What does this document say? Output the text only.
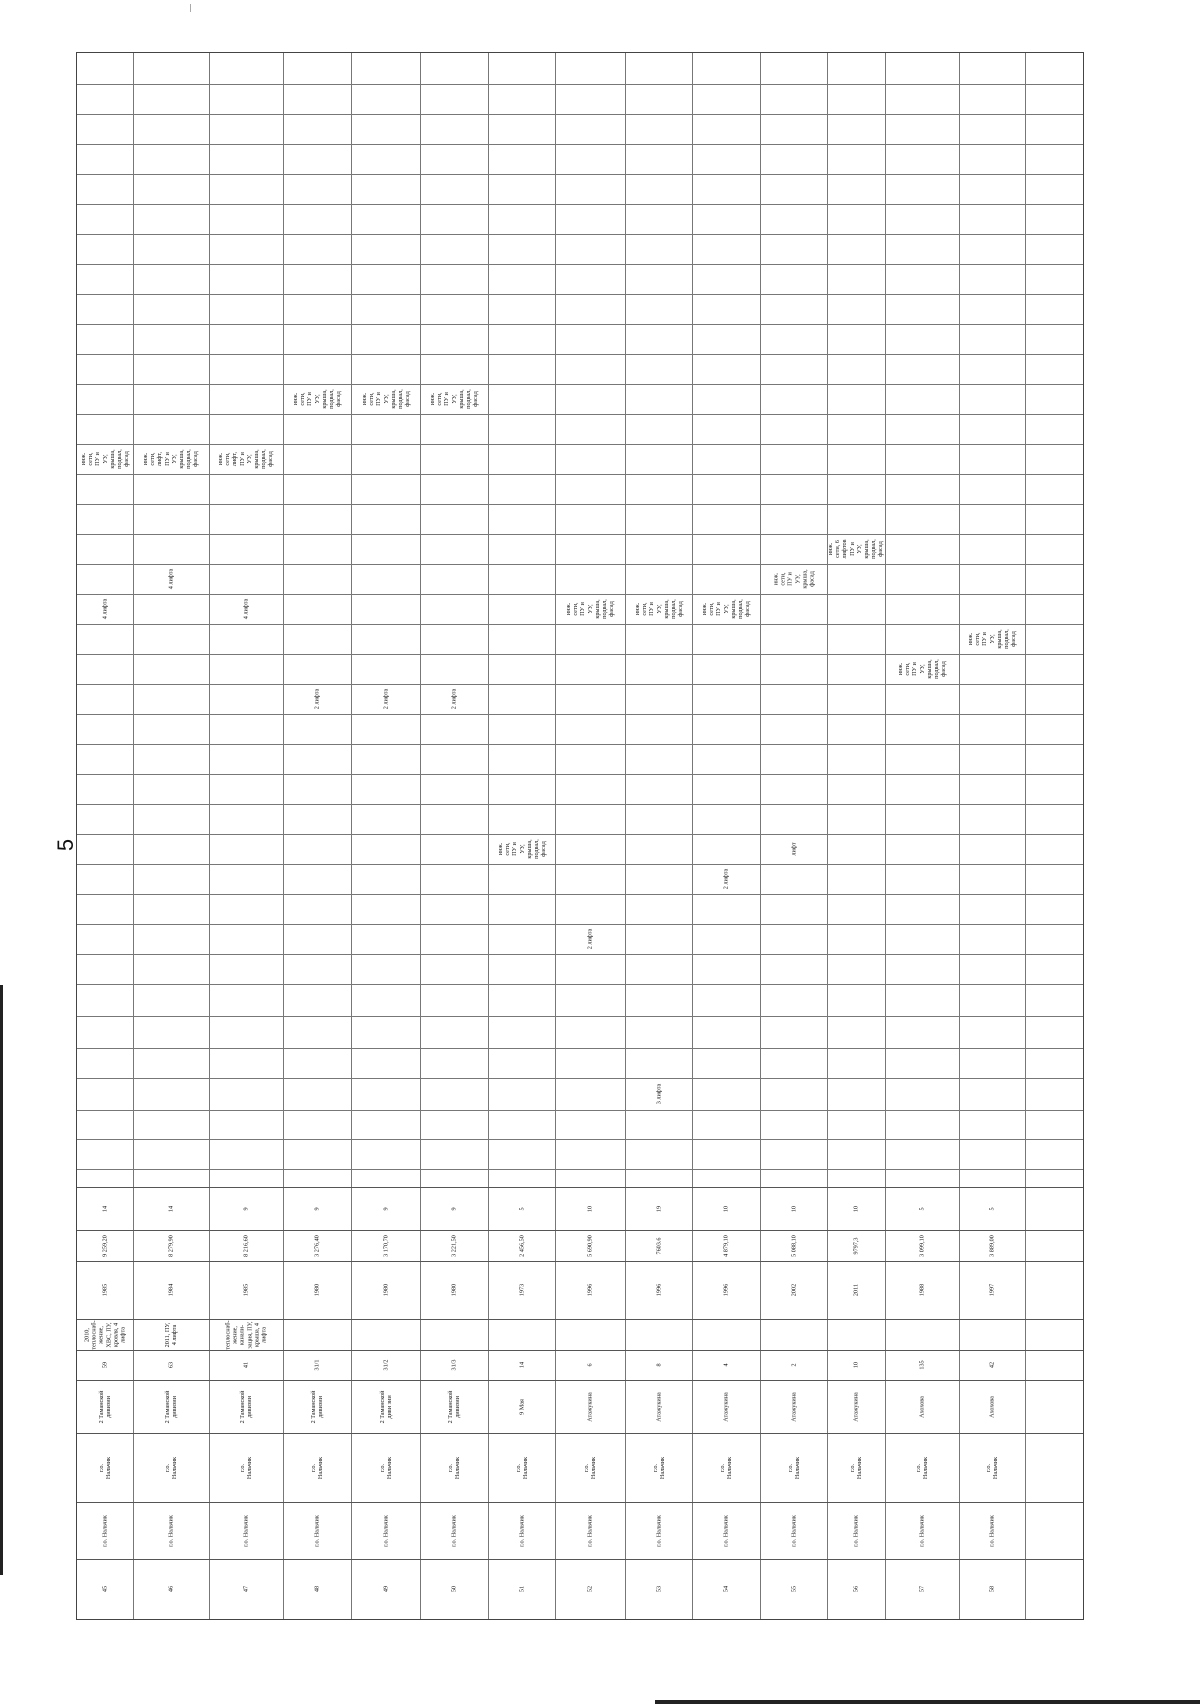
5
45
г.о. Нальчик
г.о.
Нальчик
2 Таманской
дивизии
59
2010,
теплоснаб-
жение,
ХВС, ПУ,
кровля, 4
лифта
1985
9 259,20
14
4 лифта
инж.
сети,
ПУ и
УУ,
крыша,
подвал,
фасад
46
г.о. Нальчик
г.о.
Нальчик
2 Таманской
дивизии
63
2011, ПУ,
4 лифта
1984
8 279,90
14
4 лифта
инж.
сети,
лифт,
ПУ и
УУ,
крыша,
подвал,
фасад
47
г.о. Нальчик
г.о.
Нальчик
2 Таманской
дивизии
41
теплоснаб-
жение,
канали-
зация, ПУ,
крыша, 4
лифта
1985
8 216,60
9
4 лифта
инж.
сети,
лифт,
ПУ и
УУ,
крыша,
подвал,
фасад
48
г.о. Нальчик
г.о.
Нальчик
2 Таманской
дивизии
31/1
1980
3 276,40
9
2 лифта
инж.
сети,
ПУ и
УУ,
крыша,
подвал,
фасад
49
г.о. Нальчик
г.о.
Нальчик
2 Таманской
диви зии
31/2
1980
3 170,70
9
2 лифта
инж.
сети,
ПУ и
УУ,
крыша,
подвал,
фасад
50
г.о. Нальчик
г.о.
Нальчик
2 Таманской
дивизии
31/3
1980
3 221,50
9
2 лифта
инж.
сети,
ПУ и
УУ,
крыша,
подвал,
фасад
51
г.о. Нальчик
г.о.
Нальчик
9 Мая
14
1973
2 456,50
5
инж.
сети,
ПУ и
УУ,
крыша,
подвал,
фасад
52
г.о. Нальчик
г.о.
Нальчик
Атажукина
6
1996
5 690,90
10
2 лифта
инж.
сети,
ПУ и
УУ,
крыша,
подвал,
фасад
53
г.о. Нальчик
г.о.
Нальчик
Атажукина
8
1996
7603.6
19
3 лифта
инж.
сети,
ПУ и
УУ,
крыша,
подвал,
фасад
54
г.о. Нальчик
г.о.
Нальчик
Атажукина
4
1996
4 879,10
10
2 лифта
инж.
сети,
ПУ и
УУ,
крыша,
подвал,
фасад
55
г.о. Нальчик
г.о.
Нальчик
Атажукина
2
2002
5 088,10
10
лифт
инж.
сети,
ПУ и
УУ,
крыша,
фасад
56
г.о. Нальчик
г.о.
Нальчик
Атажукина
10
2011
9797,3
10
инж.
сети, 6
лифтов
ПУ и
УУ,
крыша,
подвал,
фасад
57
г.о. Нальчик
г.о.
Нальчик
Ахохова
135
1988
3 099,10
5
инж.
сети,
ПУ и
УУ,
крыша,
подвал,
фасад
58
г.о. Нальчик
г.о.
Нальчик
Ахохова
42
1997
3 889,00
5
инж.
сети,
ПУ и
УУ,
крыша,
подвал,
фасад
